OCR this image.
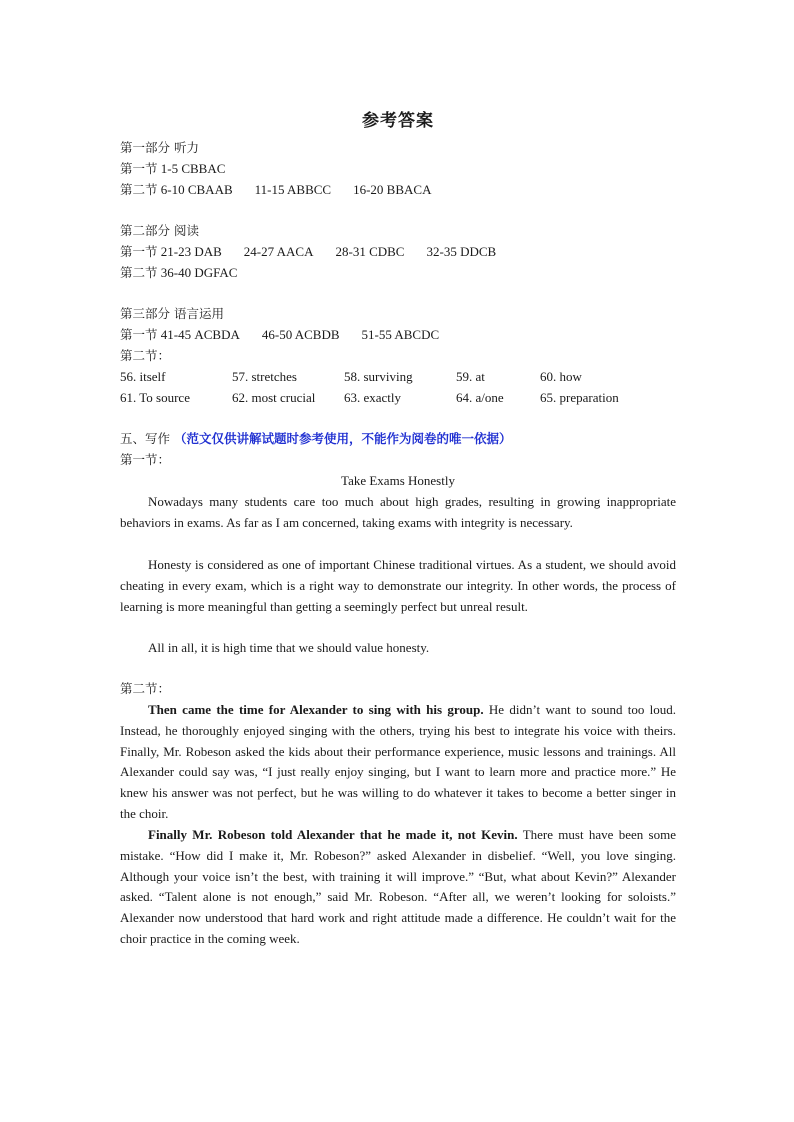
参考答案
第一部分 听力
第一节 1-5 CBBAC
第二节 6-10 CBAAB 11-15 ABBCC 16-20 BBACA
第二部分 阅读
第一节 21-23 DAB 24-27 AACA 28-31 CDBC 32-35 DDCB
第二节 36-40 DGFAC
第三部分 语言运用
第一节 41-45 ACBDA 46-50 ACBDB 51-55 ABCDC
第二节：
56. itself	57. stretches	58. surviving	59. at	60. how
61. To source	62. most crucial 63. exactly	64. a/one	65. preparation
五、写作 （范文仅供讲解试题时参考使用，不能作为阅卷的唯一依据）
第一节：
Take Exams Honestly

Nowadays many students care too much about high grades, resulting in growing inappropriate behaviors in exams. As far as I am concerned, taking exams with integrity is necessary.

Honesty is considered as one of important Chinese traditional virtues. As a student, we should avoid cheating in every exam, which is a right way to demonstrate our integrity. In other words, the process of learning is more meaningful than getting a seemingly perfect but unreal result.

All in all, it is high time that we should value honesty.

第二节：

Then came the time for Alexander to sing with his group. He didn’t want to sound too loud. Instead, he thoroughly enjoyed singing with the others, trying his best to integrate his voice with theirs. Finally, Mr. Robeson asked the kids about their performance experience, music lessons and trainings. All Alexander could say was, “I just really enjoy singing, but I want to learn more and practice more.” He knew his answer was not perfect, but he was willing to do whatever it takes to become a better singer in the choir.

Finally Mr. Robeson told Alexander that he made it, not Kevin. There must have been some mistake. “How did I make it, Mr. Robeson?” asked Alexander in disbelief. “Well, you love singing. Although your voice isn’t the best, with training it will improve.” “But, what about Kevin?” Alexander asked. “Talent alone is not enough,” said Mr. Robeson. “After all, we weren’t looking for soloists.” Alexander now understood that hard work and right attitude made a difference. He couldn’t wait for the choir practice in the coming week.
